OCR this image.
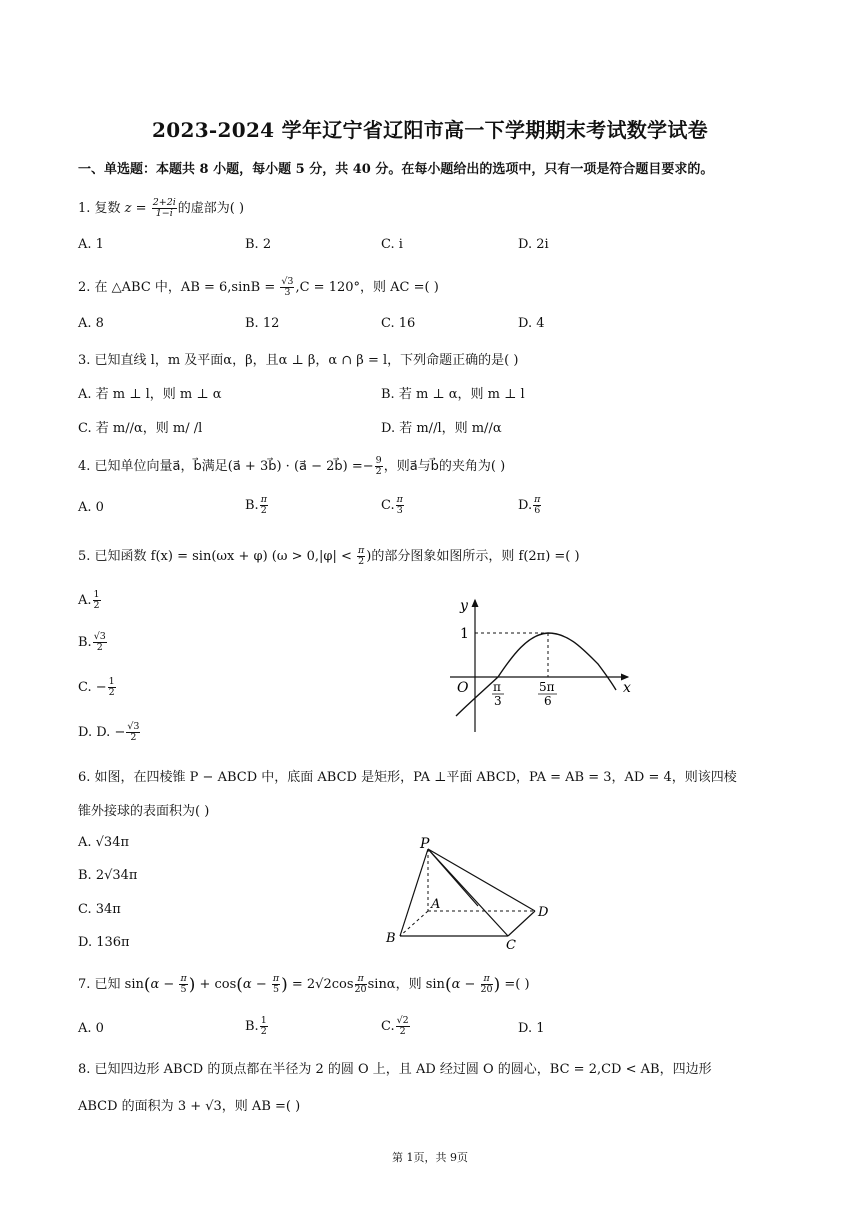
2023-2024 学年辽宁省辽阳市高一下学期期末考试数学试卷
一、单选题：本题共 8 小题，每小题 5 分，共 40 分。在每小题给出的选项中，只有一项是符合题目要求的。
1. 复数 $z = \frac{2+2i}{1-i}$ 的虚部为( )
A. 1	B. 2	C. i	D. 2i
2. 在 △ABC 中，AB = $6,\sin B = \frac{√3}{3} ,C = 120^\circ$，则 AC =( )
A. 8	B. 12	C. 16	D. 4
3. 已知直线 l，m 及平面α，β，且α ⊥ β，α ∩ β = l，下列命题正确的是( )
A. 若 m ⊥ l，则 m ⊥ α	B. 若 m ⊥ α，则 m ⊥ l
C. 若 m//α，则 m/ /l	D. 若 m//l，则 m//α
4. 已知单位向量a⃗，b⃗满足(a⃗ + 3b⃗) · (a⃗ − 2b⃗) =− $\frac{9}{2}$ ，则a⃗与b⃗的夹角为( )
A. 0	B. $\frac{\pi}{2}$	C. $\frac{\pi}{3}$	D. $\frac{\pi}{6}$
5. 已知函数 f(x) = sin(ωx + φ) ($\omega > 0,|\varphi| < \frac{\pi}{2}$ )的部分图象如图所示，则 f(2π) =( )
A. $\frac{1}{2}$
B. $\frac{√3}{2}$
C. − $\frac{1}{2}$
D. D. − $\frac{√3}{2}$
y
x
O
1
π
3
5π
6
6. 如图，在四棱锥 P − ABCD 中，底面 ABCD 是矩形，PA ⊥平面 ABCD，PA = AB = 3，AD = 4，则该四棱
锥外接球的表面积为( )
A. √34π
B. 2√34π
C. 34π
D. 136π
P
A
B	C
D
7. 已知 $\sin(\alpha - \frac{\pi}{5}$ ) + $\cos(\alpha - \frac{\pi}{5}$ ) = $2√2\cos \frac{\pi}{20}$ sinα，则 $\sin(\alpha - \frac{\pi}{20}$ ) =( )
A. 0	B. $\frac{1}{2}$	C. $\frac{√2}{2}$	D. 1
8. 已知四边形 ABCD 的顶点都在半径为 2 的圆 O 上，且 AD 经过圆 O 的圆心，BC = 2,CD < AB，四边形
ABCD 的面积为 3 + √3，则 AB =( )
第 1页，共 9页
